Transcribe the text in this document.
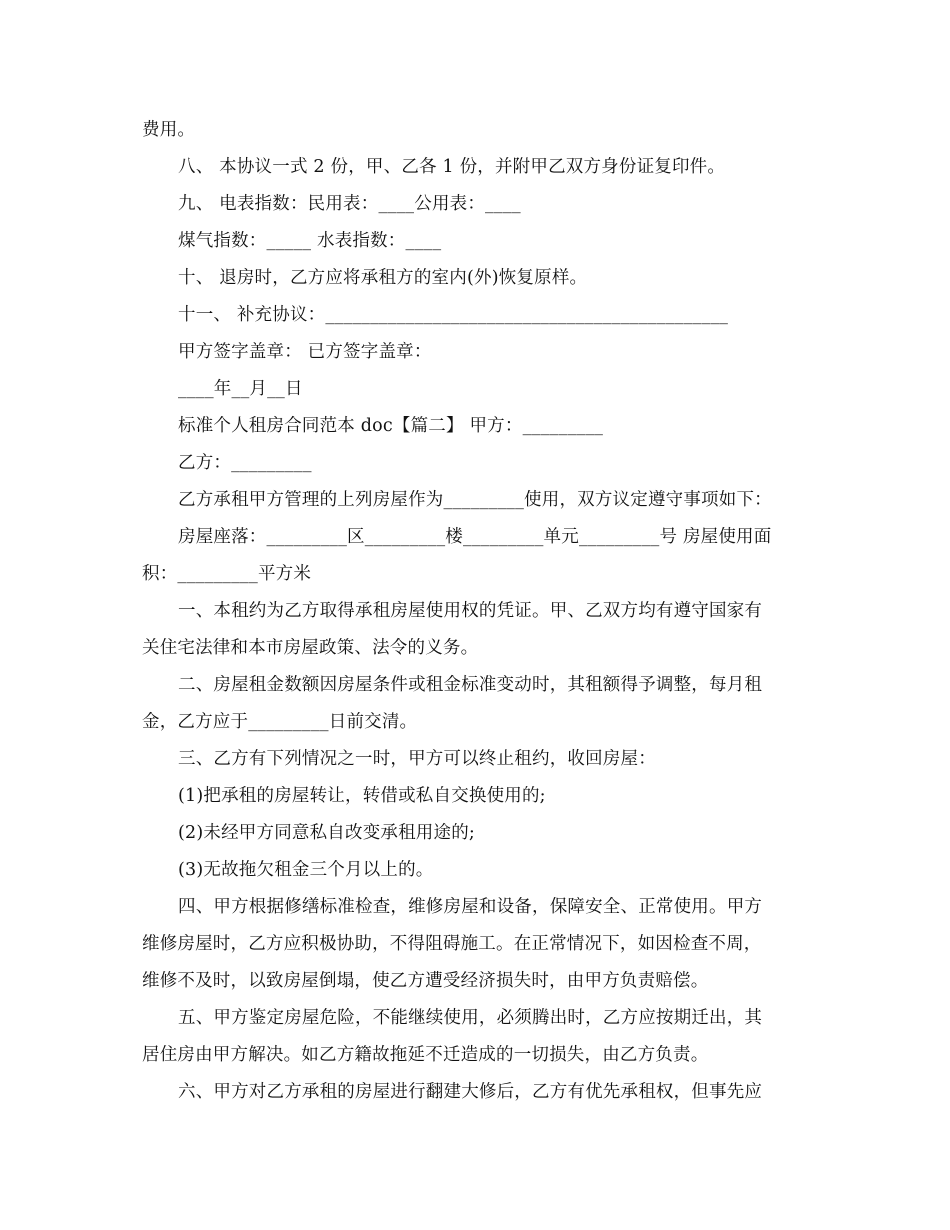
费用。
八、 本协议一式 2 份，甲、乙各 1 份，并附甲乙双方身份证复印件。
九、 电表指数：民用表：____公用表：____
煤气指数：_____ 水表指数：____
十、 退房时，乙方应将承租方的室内(外)恢复原样。
十一、 补充协议：_____________________________________________
甲方签字盖章： 已方签字盖章：
____年__月__日
标准个人租房合同范本 doc【篇二】 甲方：_________
乙方：_________
乙方承租甲方管理的上列房屋作为_________使用，双方议定遵守事项如下：
房屋座落：_________区_________楼_________单元_________号 房屋使用面
积：_________平方米
一、本租约为乙方取得承租房屋使用权的凭证。甲、乙双方均有遵守国家有
关住宅法律和本市房屋政策、法令的义务。
二、房屋租金数额因房屋条件或租金标准变动时，其租额得予调整，每月租
金，乙方应于_________日前交清。
三、乙方有下列情况之一时，甲方可以终止租约，收回房屋：
(1)把承租的房屋转让，转借或私自交换使用的;
(2)未经甲方同意私自改变承租用途的;
(3)无故拖欠租金三个月以上的。
四、甲方根据修缮标准检查，维修房屋和设备，保障安全、正常使用。甲方
维修房屋时，乙方应积极协助，不得阻碍施工。在正常情况下，如因检查不周，
维修不及时，以致房屋倒塌，使乙方遭受经济损失时，由甲方负责赔偿。
五、甲方鉴定房屋危险，不能继续使用，必须腾出时，乙方应按期迁出，其
居住房由甲方解决。如乙方籍故拖延不迁造成的一切损失，由乙方负责。
六、甲方对乙方承租的房屋进行翻建大修后，乙方有优先承租权，但事先应
